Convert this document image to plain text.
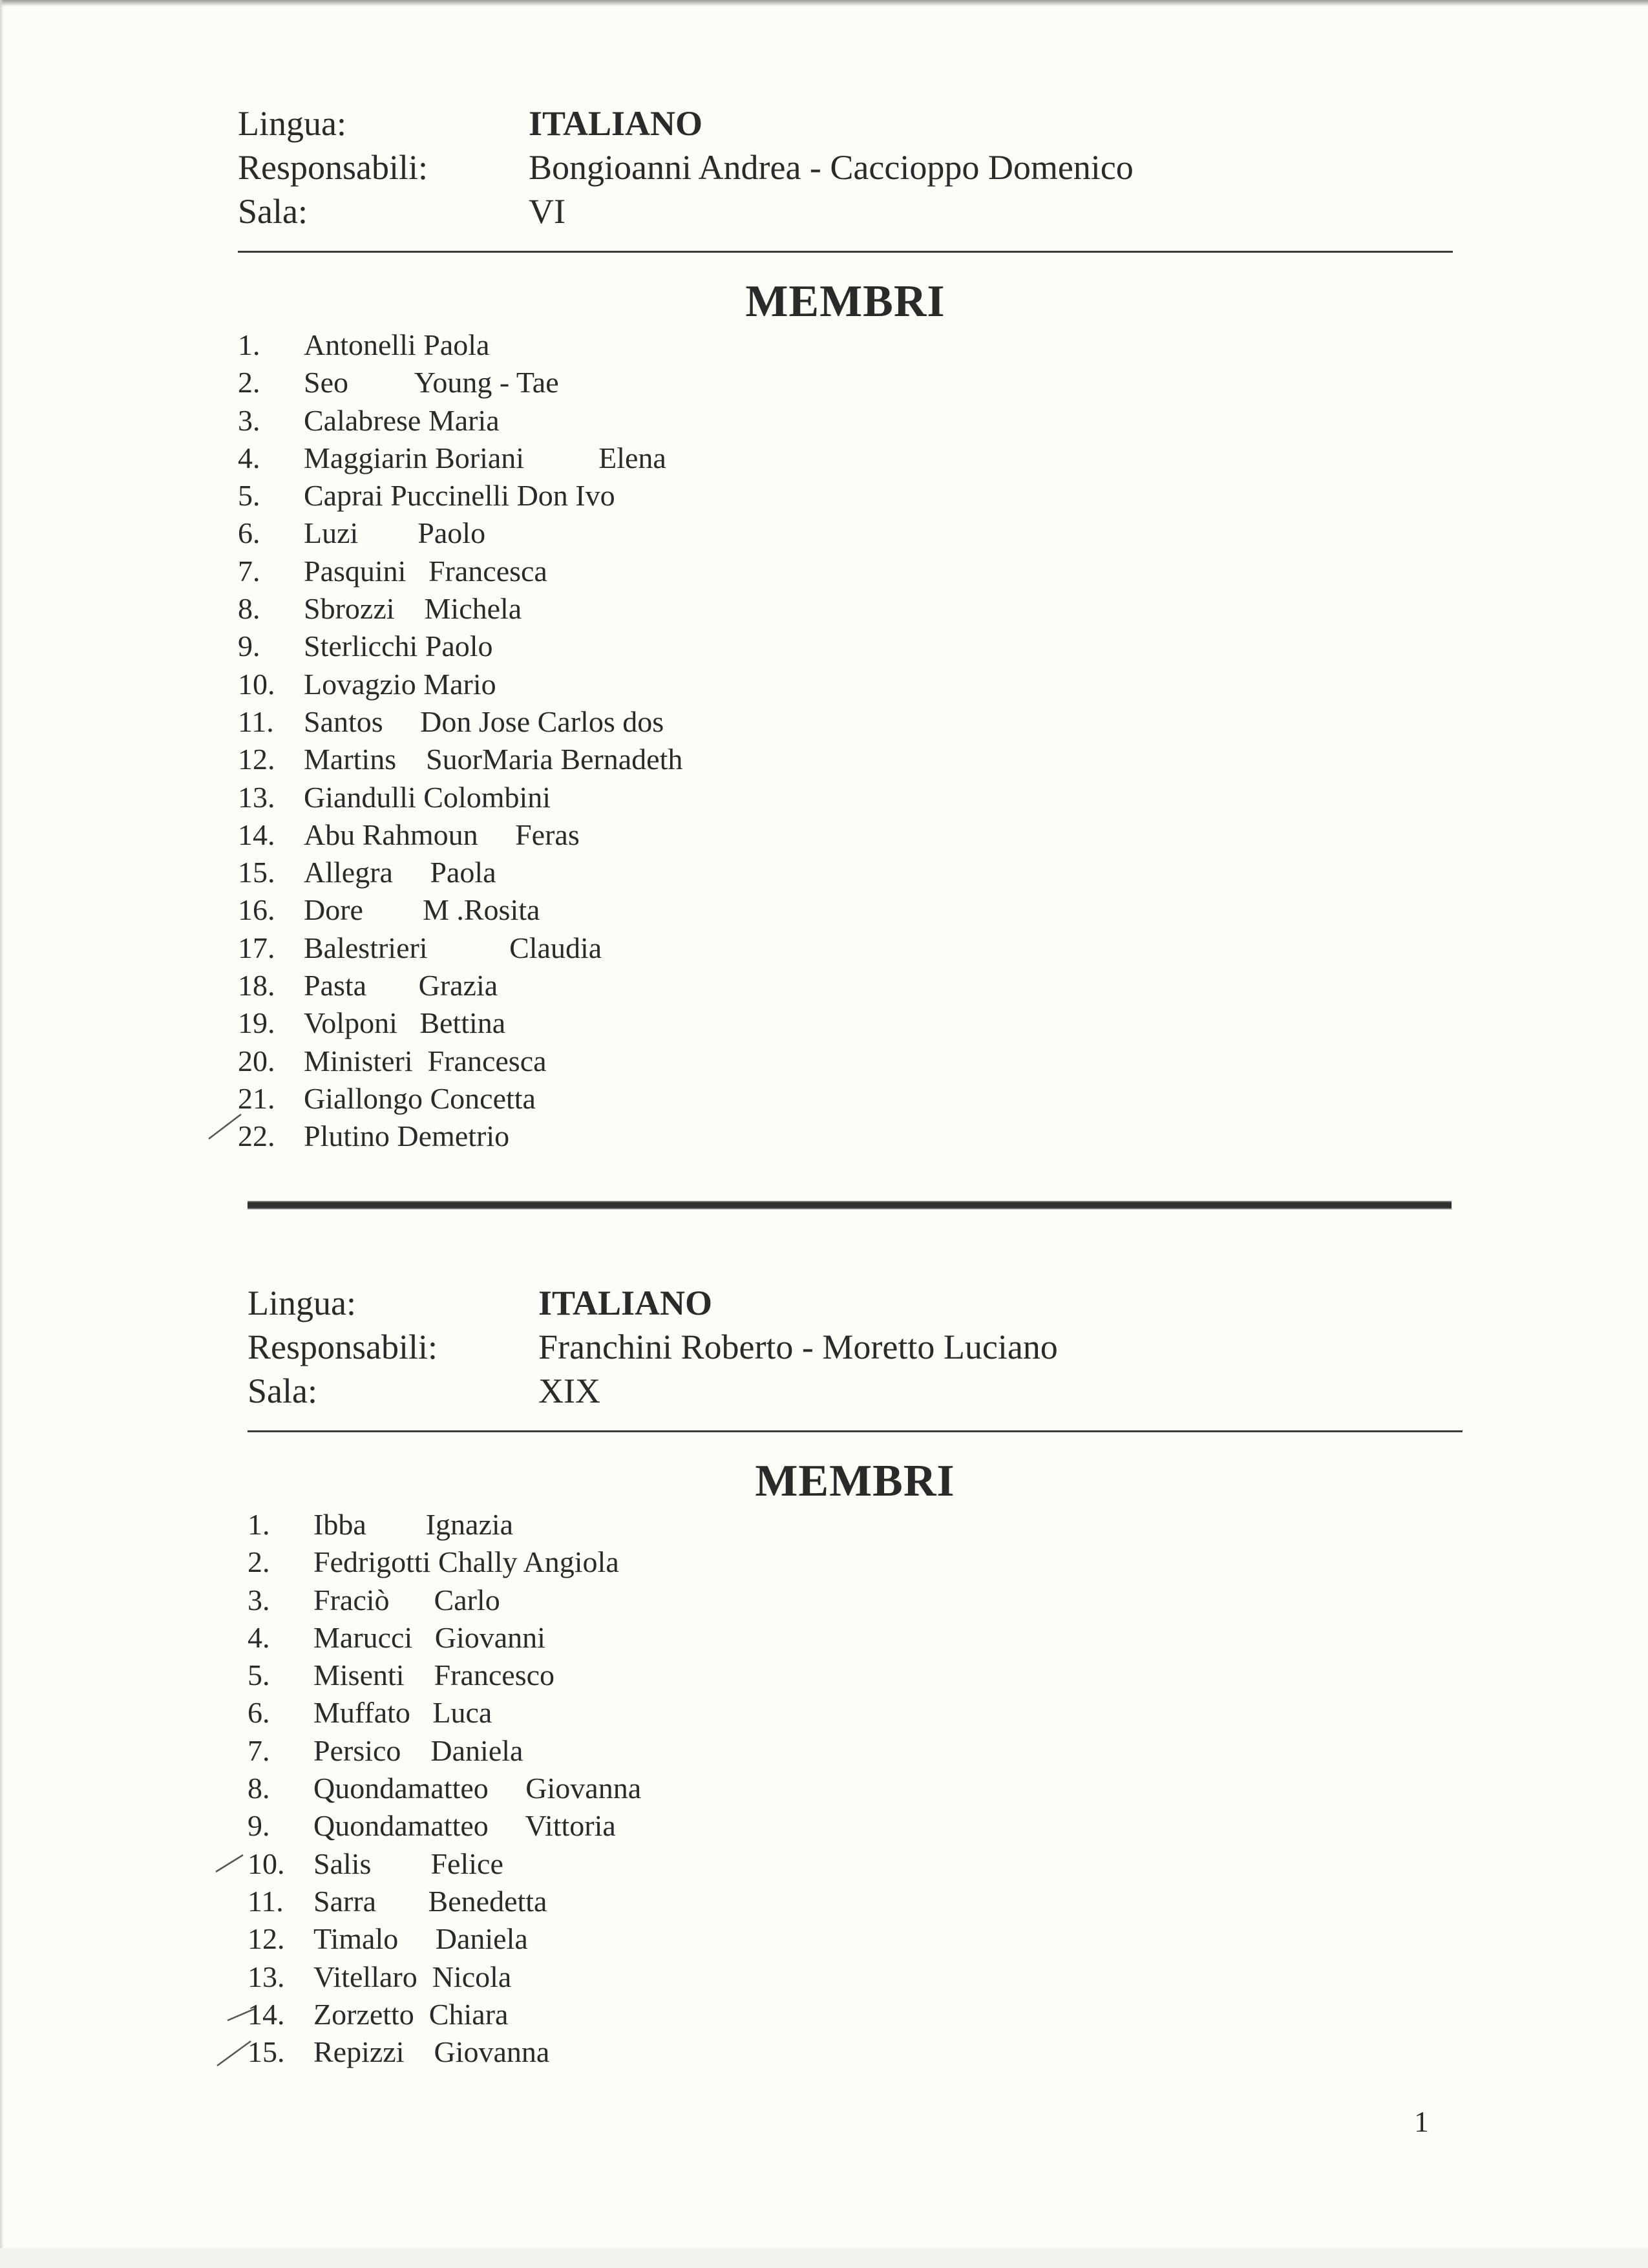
Lingua:	ITALIANO
Responsabili:	Bongioanni Andrea - Caccioppo Domenico
Sala:	VI
MEMBRI
1.	Antonelli Paola
2.	Seo         Young - Tae
3.	Calabrese Maria
4.	Maggiarin Boriani          Elena
5.	Caprai Puccinelli Don Ivo
6.	Luzi        Paolo
7.	Pasquini   Francesca
8.	Sbrozzi    Michela
9.	Sterlicchi Paolo
10. Lovagzio Mario
11.	Santos     Don Jose Carlos dos
12. Martins    SuorMaria Bernadeth
13. Giandulli Colombini
14. Abu Rahmoun     Feras
15. Allegra     Paola
16. Dore        M .Rosita
17. Balestrieri           Claudia
18. Pasta       Grazia
19. Volponi   Bettina
20. Ministeri  Francesca
21. Giallongo Concetta
22. Plutino Demetrio
Lingua:	ITALIANO
Responsabili:	Franchini Roberto - Moretto Luciano
Sala:	XIX
MEMBRI
1.	Ibba        Ignazia
2.	Fedrigotti Chally Angiola
3.	Fraciò      Carlo
4.	Marucci   Giovanni
5.	Misenti    Francesco
6.	Muffato   Luca
7.	Persico    Daniela
8.	Quondamatteo     Giovanna
9.	Quondamatteo     Vittoria
10. Salis        Felice
11.	Sarra       Benedetta
12. Timalo     Daniela
13. Vitellaro  Nicola
14. Zorzetto  Chiara
15. Repizzi    Giovanna
1
